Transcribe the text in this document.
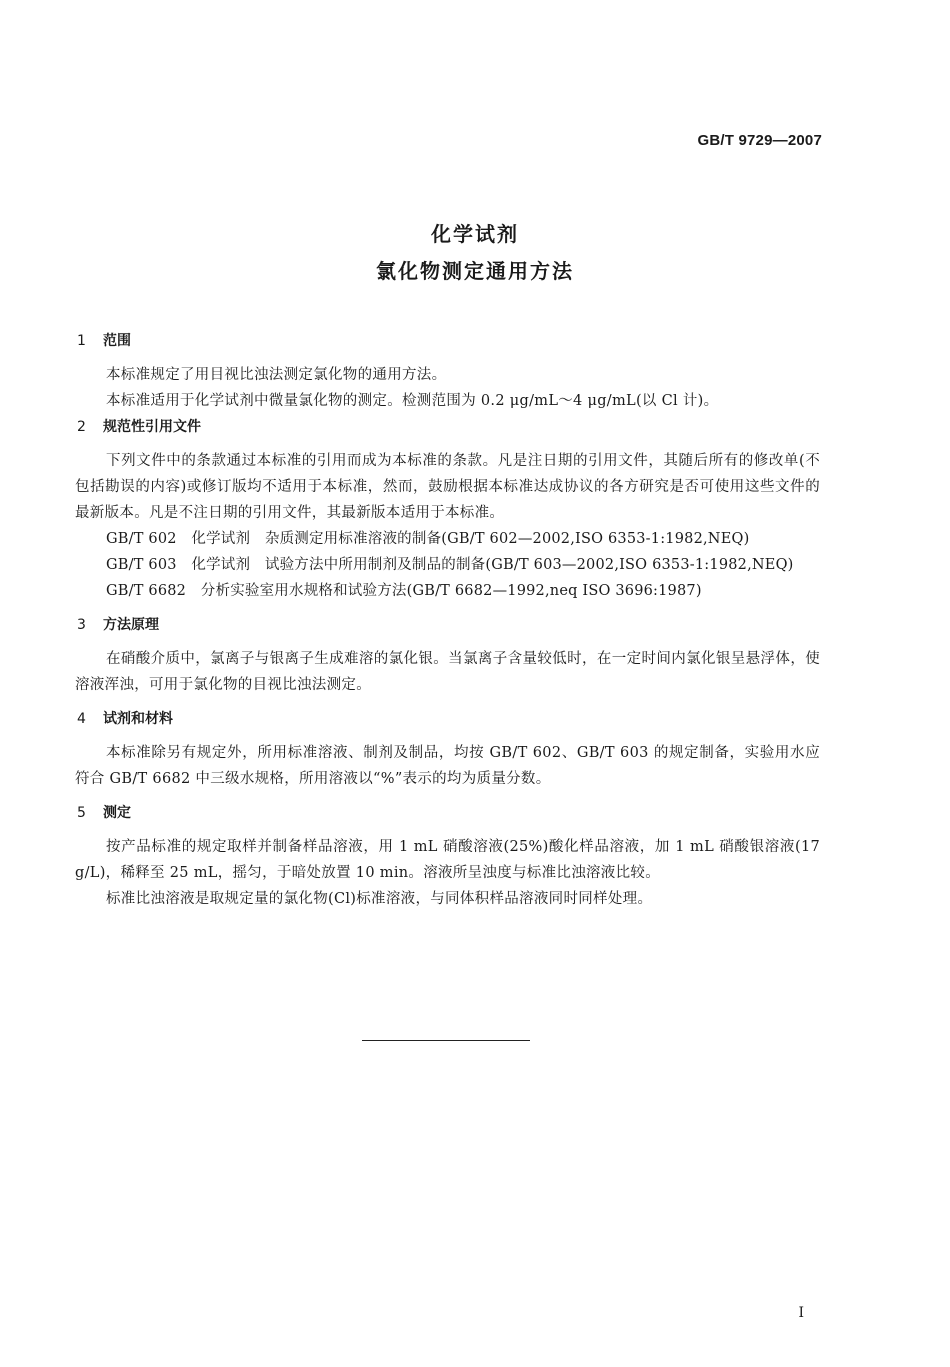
GB/T 9729—2007
化学试剂
氯化物测定通用方法
1 范围

本标准规定了用目视比浊法测定氯化物的通用方法。

本标准适用于化学试剂中微量氯化物的测定。检测范围为 0.2 μg/mL～4 μg/mL(以 Cl 计)。

2 规范性引用文件

下列文件中的条款通过本标准的引用而成为本标准的条款。凡是注日期的引用文件，其随后所有的修改单(不包括勘误的内容)或修订版均不适用于本标准，然而，鼓励根据本标准达成协议的各方研究是否可使用这些文件的最新版本。凡是不注日期的引用文件，其最新版本适用于本标准。

GB/T 602　化学试剂　杂质测定用标准溶液的制备(GB/T 602—2002,ISO 6353-1:1982,NEQ)

GB/T 603　化学试剂　试验方法中所用制剂及制品的制备(GB/T 603—2002,ISO 6353-1:1982,NEQ)

GB/T 6682　分析实验室用水规格和试验方法(GB/T 6682—1992,neq ISO 3696:1987)

3 方法原理

在硝酸介质中，氯离子与银离子生成难溶的氯化银。当氯离子含量较低时，在一定时间内氯化银呈悬浮体，使溶液浑浊，可用于氯化物的目视比浊法测定。

4 试剂和材料

本标准除另有规定外，所用标准溶液、制剂及制品，均按 GB/T 602、GB/T 603 的规定制备，实验用水应符合 GB/T 6682 中三级水规格，所用溶液以“%”表示的均为质量分数。

5 测定

按产品标准的规定取样并制备样品溶液，用 1 mL 硝酸溶液(25%)酸化样品溶液，加 1 mL 硝酸银溶液(17 g/L)，稀释至 25 mL，摇匀，于暗处放置 10 min。溶液所呈浊度与标准比浊溶液比较。

标准比浊溶液是取规定量的氯化物(Cl)标准溶液，与同体积样品溶液同时同样处理。

I
